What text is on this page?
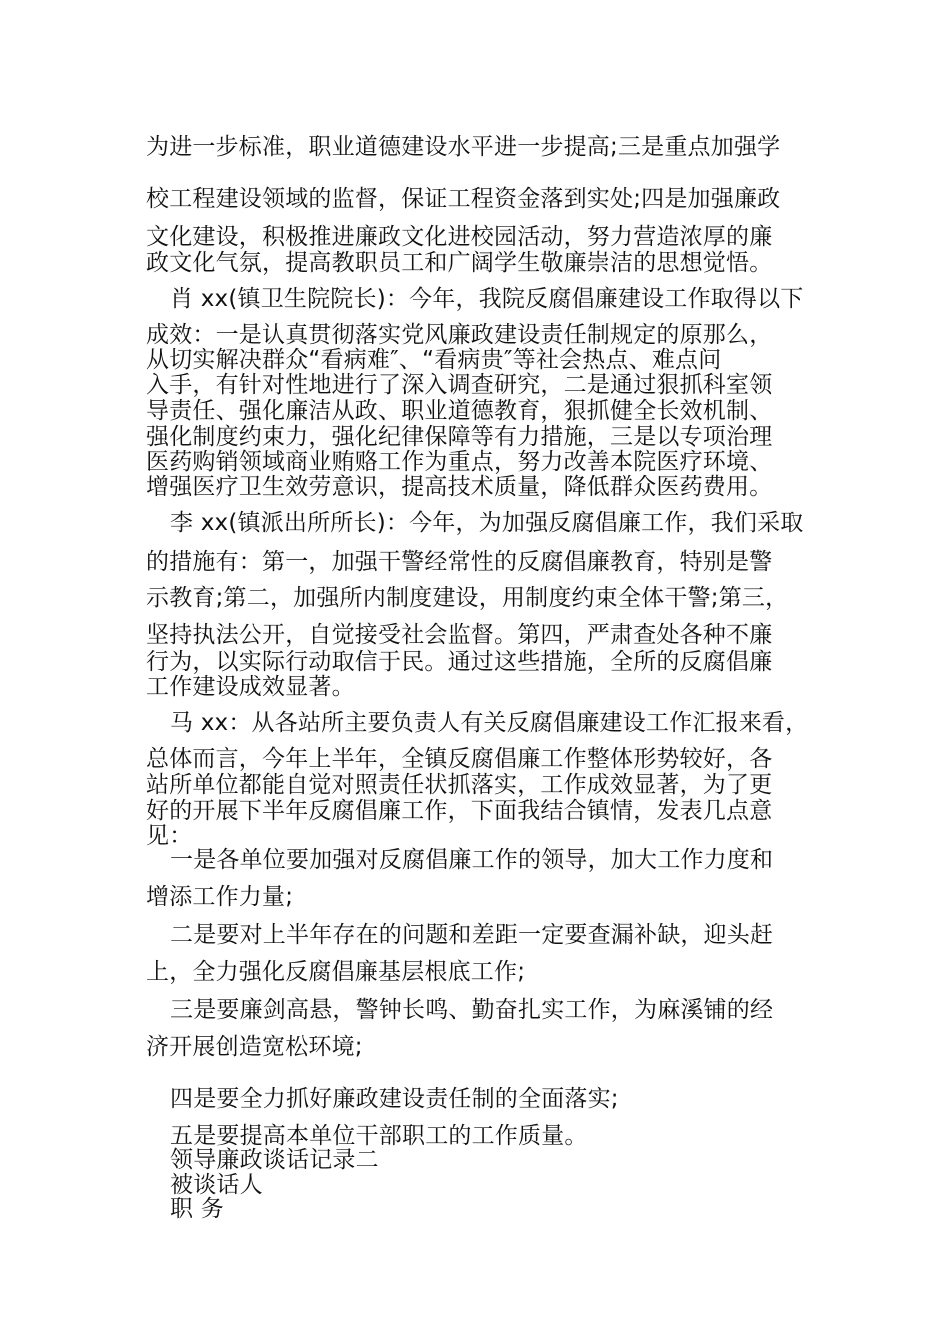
为进一步标准，职业道德建设水平进一步提高;三是重点加强学
校工程建设领域的监督，保证工程资金落到实处;四是加强廉政
文化建设，积极推进廉政文化进校园活动，努力营造浓厚的廉
政文化气氛，提高教职员工和广阔学生敬廉崇洁的思想觉悟。
肖 xx(镇卫生院院长)：今年，我院反腐倡廉建设工作取得以下
成效：一是认真贯彻落实党风廉政建设责任制规定的原那么，
从切实解决群众“看病难″、“看病贵″等社会热点、难点问
入手，有针对性地进行了深入调查研究，二是通过狠抓科室领
导责任、强化廉洁从政、职业道德教育，狠抓健全长效机制、
强化制度约束力，强化纪律保障等有力措施，三是以专项治理
医药购销领域商业贿赂工作为重点，努力改善本院医疗环境、
增强医疗卫生效劳意识，提高技术质量，降低群众医药费用。
李 xx(镇派出所所长)：今年，为加强反腐倡廉工作，我们采取
的措施有：第一，加强干警经常性的反腐倡廉教育，特别是警
示教育;第二，加强所内制度建设，用制度约束全体干警;第三，
坚持执法公开，自觉接受社会监督。第四，严肃查处各种不廉
行为，以实际行动取信于民。通过这些措施，全所的反腐倡廉
工作建设成效显著。
马 xx：从各站所主要负责人有关反腐倡廉建设工作汇报来看，
总体而言，今年上半年，全镇反腐倡廉工作整体形势较好，各
站所单位都能自觉对照责任状抓落实，工作成效显著，为了更
好的开展下半年反腐倡廉工作，下面我结合镇情，发表几点意
见：
一是各单位要加强对反腐倡廉工作的领导，加大工作力度和
增添工作力量;
二是要对上半年存在的问题和差距一定要查漏补缺，迎头赶
上，全力强化反腐倡廉基层根底工作;
三是要廉剑高悬，警钟长鸣、勤奋扎实工作，为麻溪铺的经
济开展创造宽松环境;
四是要全力抓好廉政建设责任制的全面落实;
五是要提高本单位干部职工的工作质量。
领导廉政谈话记录二
被谈话人
职 务
